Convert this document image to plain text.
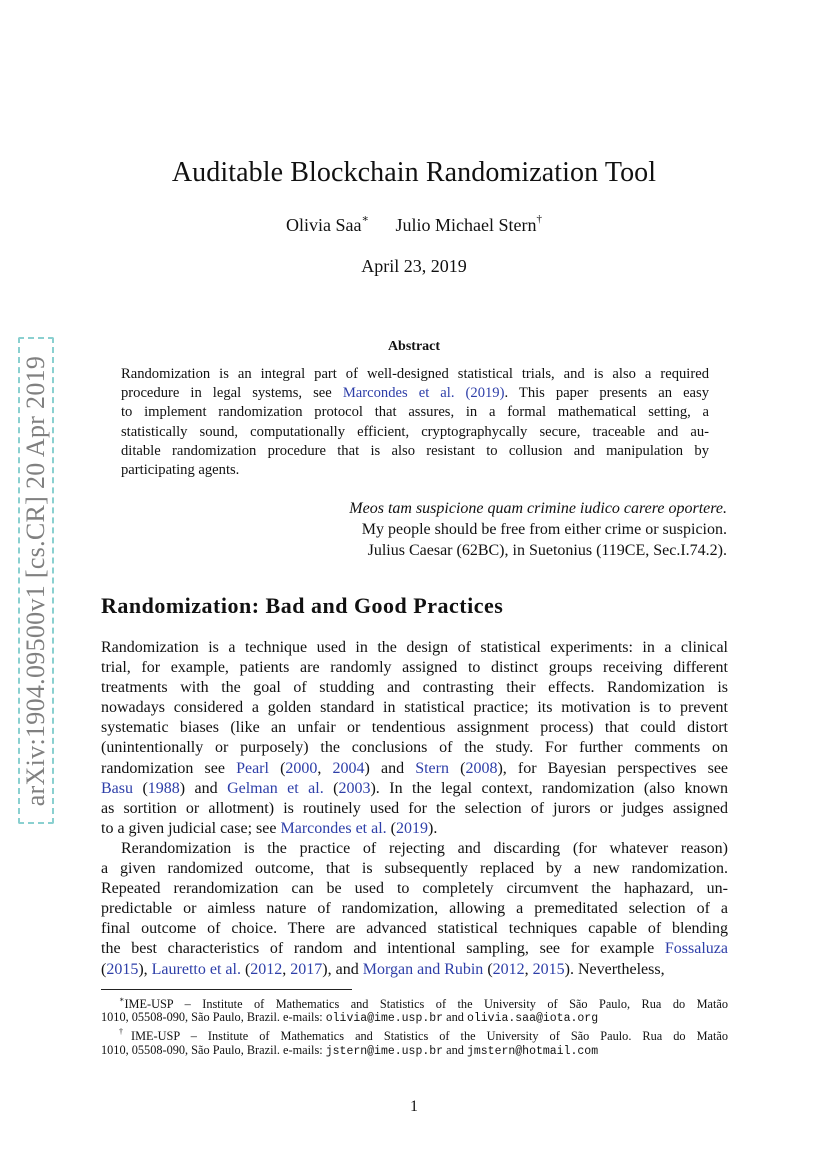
arXiv:1904.09500v1 [cs.CR] 20 Apr 2019
Auditable Blockchain Randomization Tool
Olivia Saa∗ Julio Michael Stern†
April 23, 2019
Abstract
Randomization is an integral part of well-designed statistical trials, and is also a required
procedure in legal systems, see Marcondes et al. (2019). This paper presents an easy
to implement randomization protocol that assures, in a formal mathematical setting, a
statistically sound, computationally efficient, cryptographycally secure, traceable and au-
ditable randomization procedure that is also resistant to collusion and manipulation by
participating agents.
Meos tam suspicione quam crimine iudico carere oportere.
My people should be free from either crime or suspicion.
Julius Caesar (62BC), in Suetonius (119CE, Sec.I.74.2).
Randomization: Bad and Good Practices
Randomization is a technique used in the design of statistical experiments: in a clinical
trial, for example, patients are randomly assigned to distinct groups receiving different
treatments with the goal of studding and contrasting their effects. Randomization is
nowadays considered a golden standard in statistical practice; its motivation is to prevent
systematic biases (like an unfair or tendentious assignment process) that could distort
(unintentionally or purposely) the conclusions of the study. For further comments on
randomization see Pearl (2000, 2004) and Stern (2008), for Bayesian perspectives see
Basu (1988) and Gelman et al. (2003). In the legal context, randomization (also known
as sortition or allotment) is routinely used for the selection of jurors or judges assigned
to a given judicial case; see Marcondes et al. (2019).
Rerandomization is the practice of rejecting and discarding (for whatever reason)
a given randomized outcome, that is subsequently replaced by a new randomization.
Repeated rerandomization can be used to completely circumvent the haphazard, un-
predictable or aimless nature of randomization, allowing a premeditated selection of a
final outcome of choice. There are advanced statistical techniques capable of blending
the best characteristics of random and intentional sampling, see for example Fossaluza
(2015), Lauretto et al. (2012, 2017), and Morgan and Rubin (2012, 2015). Nevertheless,
∗IME-USP – Institute of Mathematics and Statistics of the University of São Paulo, Rua do Matão
1010, 05508-090, São Paulo, Brazil. e-mails: olivia@ime.usp.br and olivia.saa@iota.org
†IME-USP – Institute of Mathematics and Statistics of the University of São Paulo. Rua do Matão
1010, 05508-090, São Paulo, Brazil. e-mails: jstern@ime.usp.br and jmstern@hotmail.com
1
